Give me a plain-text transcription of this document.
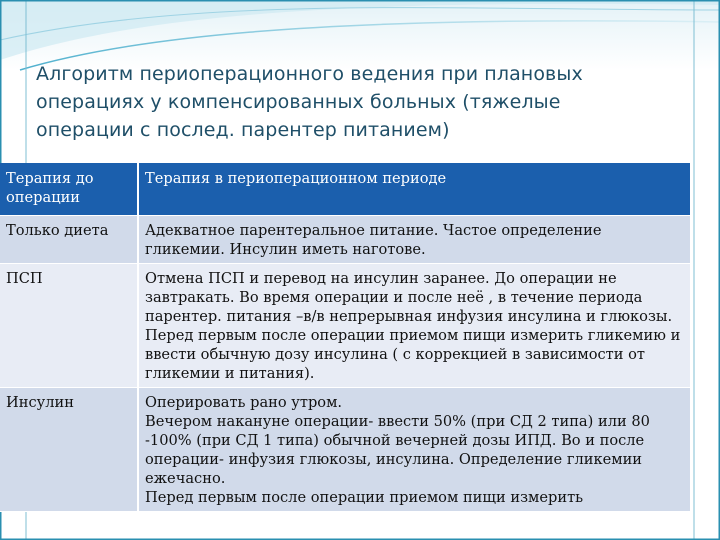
Алгоритм периоперационного ведения при плановых
операциях у компенсированных больных (тяжелые
операции с послед. парентер питанием)
Терапия до операции	Терапия в периоперационном периоде
Только диета	Адекватное парентеральное питание. Частое определение гликемии. Инсулин иметь наготове.
ПСП	Отмена ПСП и перевод на инсулин заранее. До операции не завтракать. Во время операции и после неё , в течение периода парентер. питания –в/в непрерывная инфузия инсулина и глюкозы. Перед первым после операции приемом пищи измерить гликемию и ввести обычную дозу инсулина ( с коррекцией в зависимости от гликемии и питания).
Инсулин	Оперировать рано утром.
Вечером накануне операции- ввести 50% (при СД 2 типа) или 80 -100% (при СД 1 типа) обычной вечерней дозы ИПД. Во и после операции- инфузия глюкозы, инсулина. Определение гликемии ежечасно.
Перед первым после операции приемом пищи измерить
